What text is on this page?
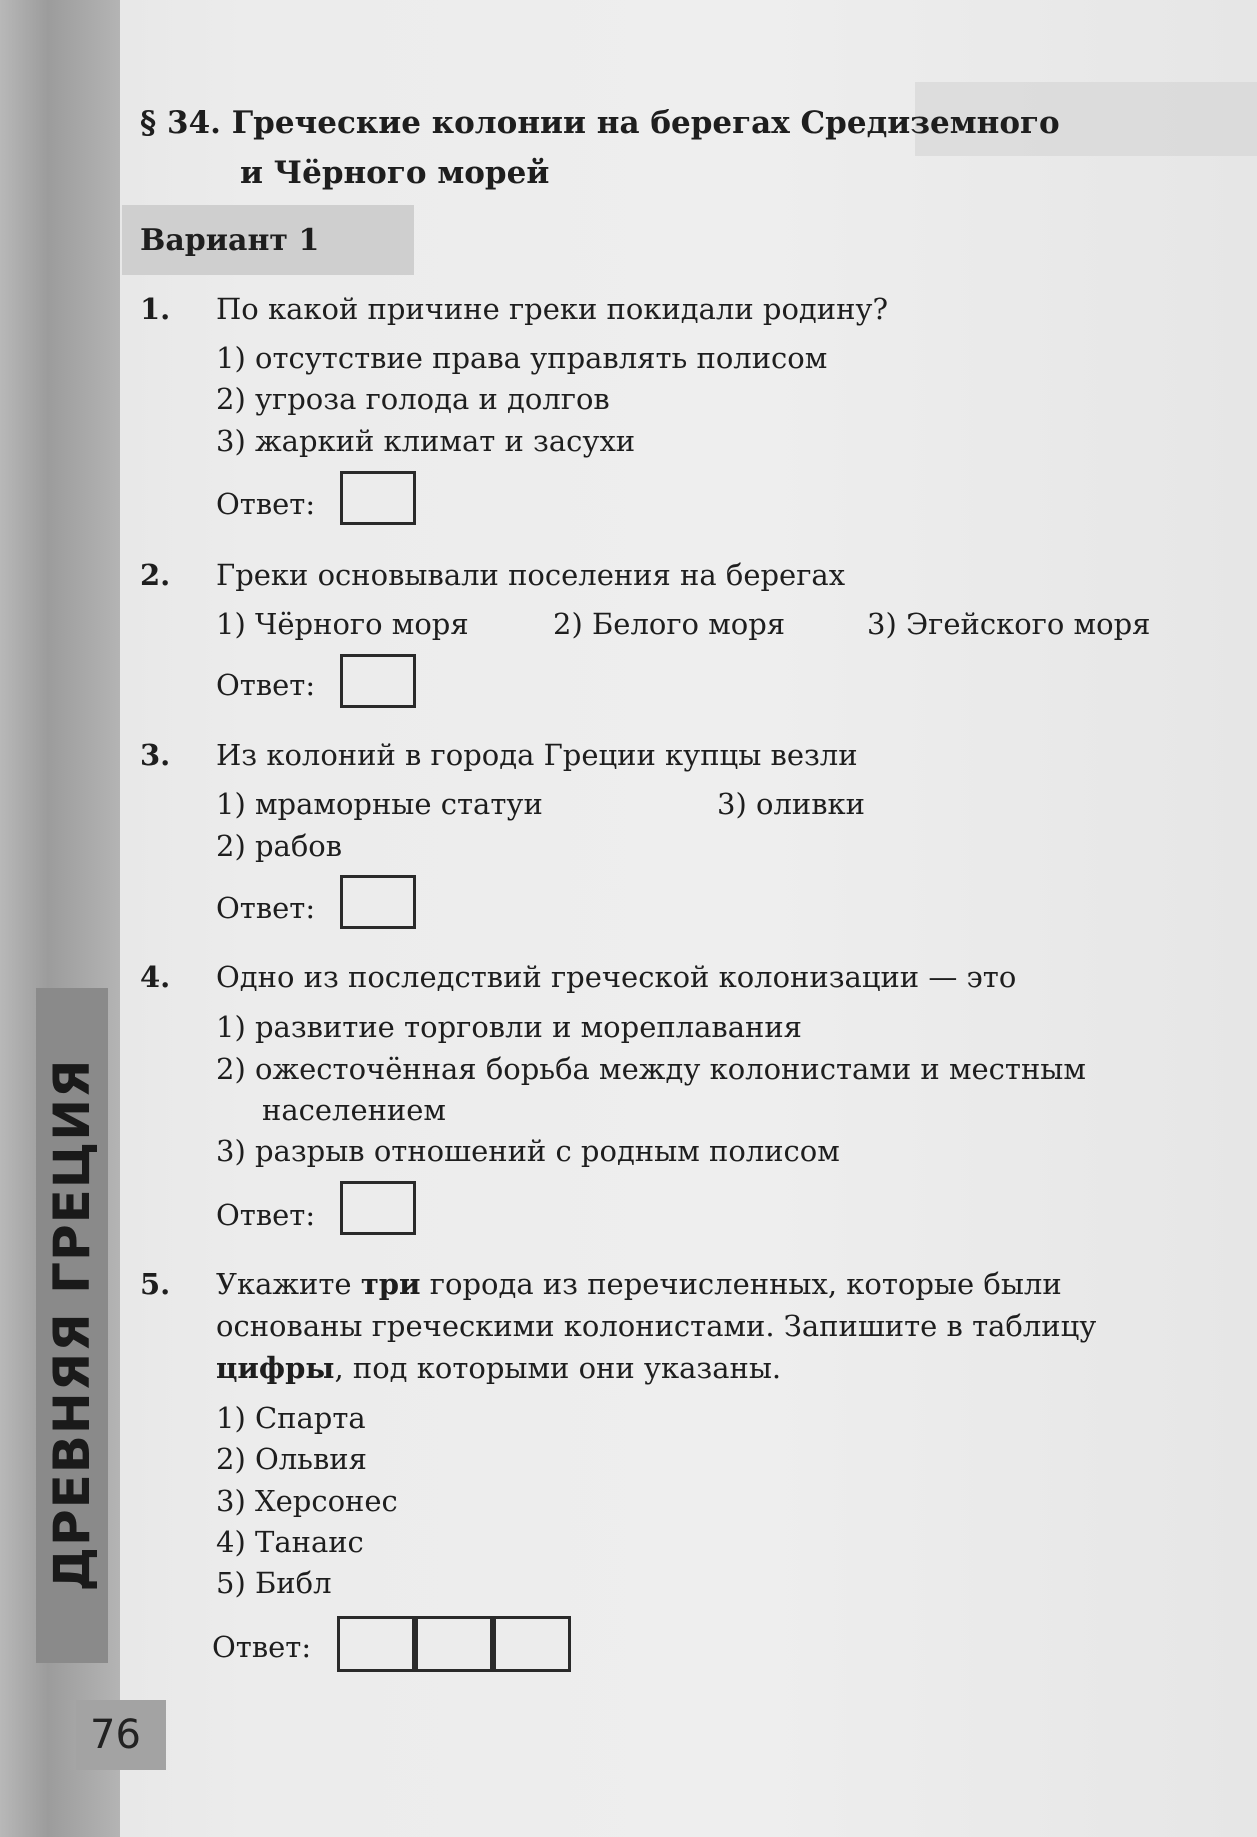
ДРЕВНЯЯ ГРЕЦИЯ
76
§ 34. Греческие колонии на берегах Средиземного
и Чёрного морей
Вариант 1
1. По какой причине греки покидали родину?
1) отсутствие права управлять полисом
2) угроза голода и долгов
3) жаркий климат и засухи
Ответ:
2. Греки основывали поселения на берегах
1) Чёрного моря	2) Белого моря	3) Эгейского моря
Ответ:
3. Из колоний в города Греции купцы везли
1) мраморные статуи	3) оливки
2) рабов
Ответ:
4. Одно из последствий греческой колонизации — это
1) развитие торговли и мореплавания
2) ожесточённая борьба между колонистами и местным
населением
3) разрыв отношений с родным полисом
Ответ:
5. Укажите три города из перечисленных, которые были
основаны греческими колонистами. Запишите в таблицу
цифры, под которыми они указаны.
1) Спарта
2) Ольвия
3) Херсонес
4) Танаис
5) Библ
Ответ:
